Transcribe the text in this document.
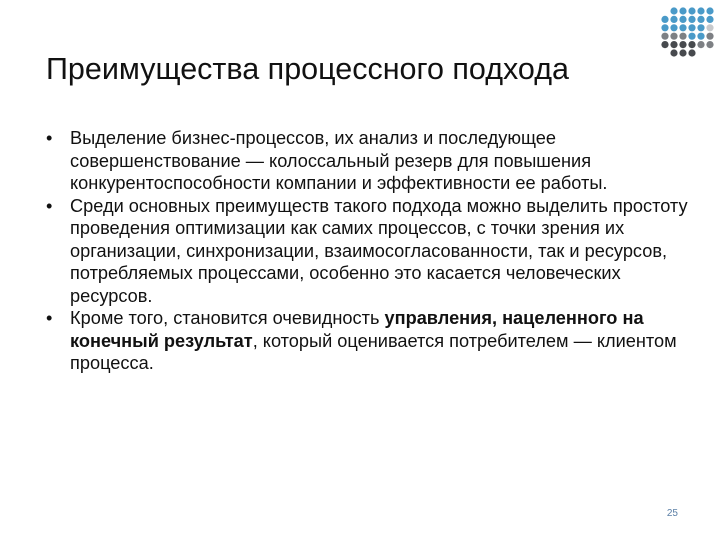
Преимущества процессного подхода
• Выделение бизнес-процессов, их анализ и последующее совершенствование — колоссальный резерв для повышения конкурентоспособности компании и эффективности ее работы.
• Среди основных преимуществ такого подхода можно выделить простоту проведения оптимизации как самих процессов, с точки зрения их организации, синхронизации, взаимосогласованности, так и ресурсов, потребляемых процессами, особенно это касается человеческих ресурсов.
• Кроме того, становится очевидность управления, нацеленного на конечный результат, который оценивается потребителем — клиентом процесса.
25
